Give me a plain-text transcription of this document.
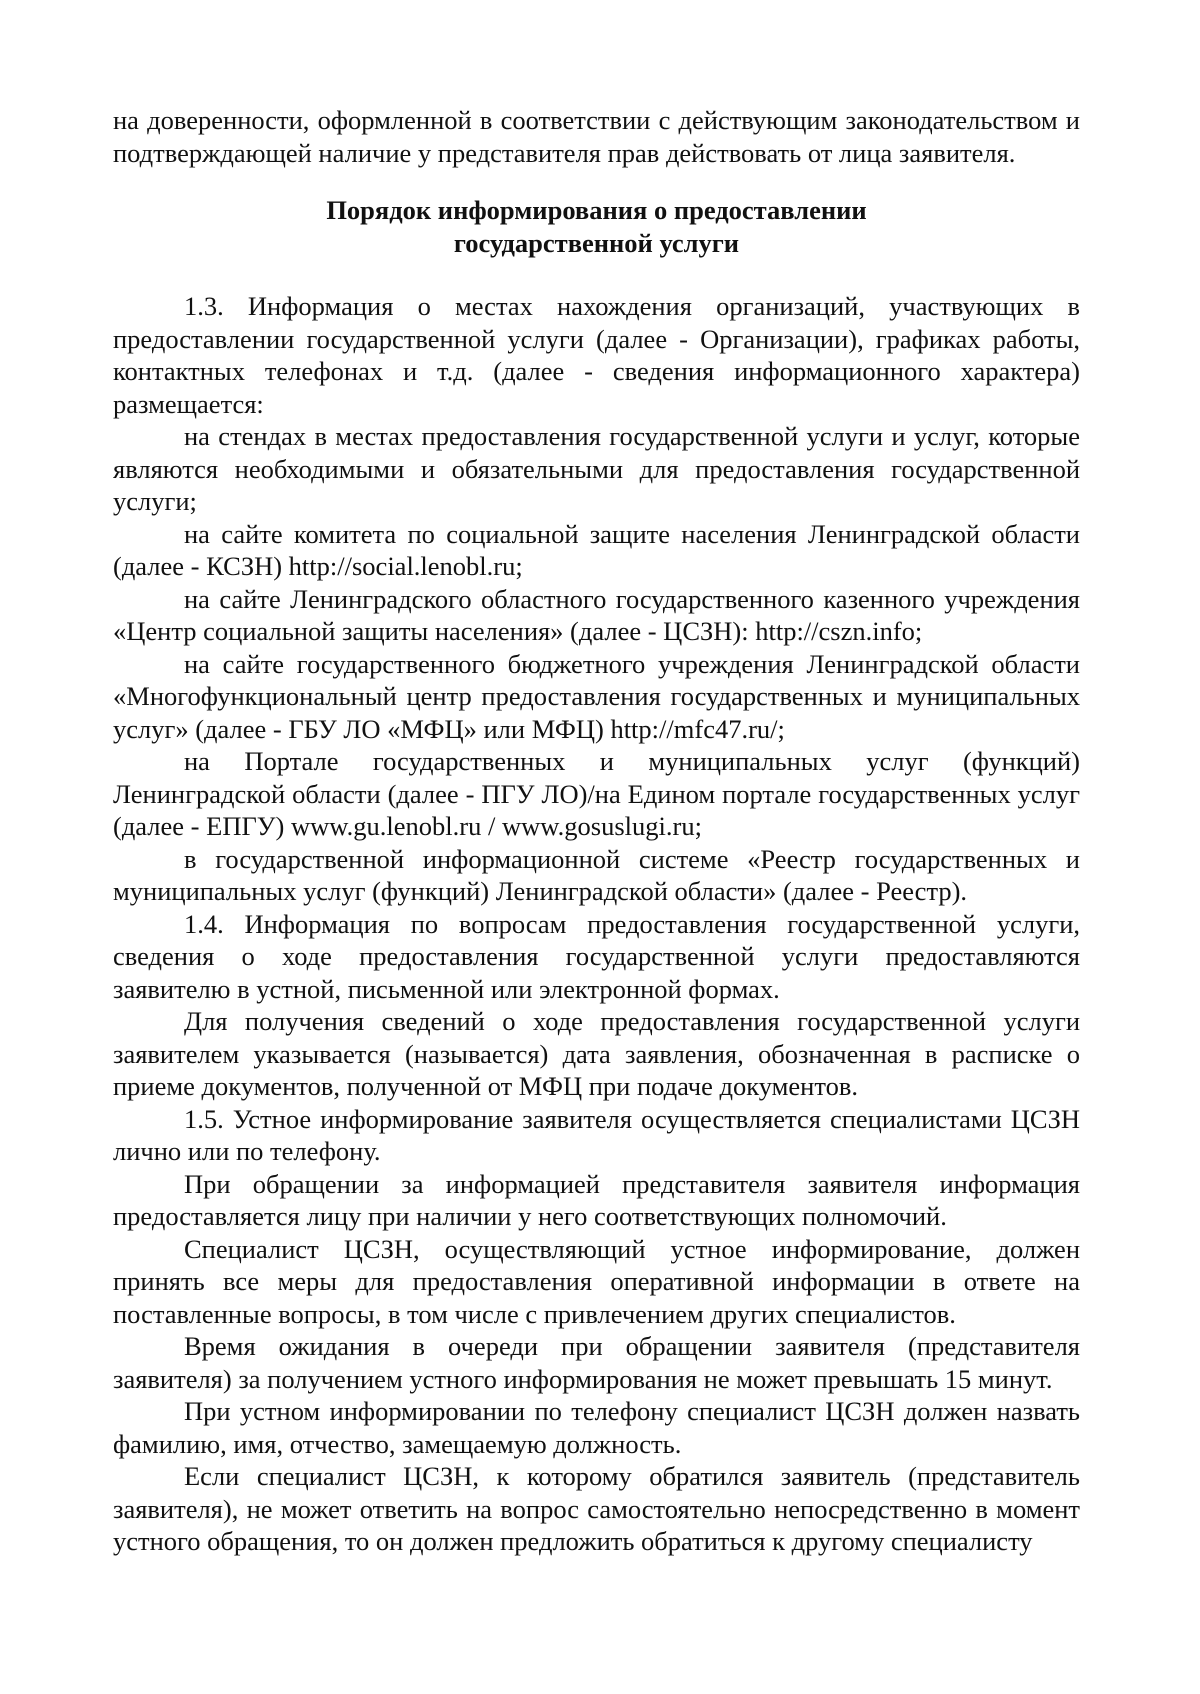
на доверенности, оформленной в соответствии с действующим законодательством и подтверждающей наличие у представителя прав действовать от лица заявителя.

Порядок информирования о предоставлении
государственной услуги

1.3. Информация о местах нахождения организаций, участвующих в предоставлении государственной услуги (далее - Организации), графиках работы, контактных телефонах и т.д. (далее - сведения информационного характера) размещается:

на стендах в местах предоставления государственной услуги и услуг, которые являются необходимыми и обязательными для предоставления государственной услуги;

на сайте комитета по социальной защите населения Ленинградской области (далее - КСЗН) http://social.lenobl.ru;

на сайте Ленинградского областного государственного казенного учреждения «Центр социальной защиты населения» (далее - ЦСЗН): http://cszn.info;

на сайте государственного бюджетного учреждения Ленинградской области «Многофункциональный центр предоставления государственных и муниципальных услуг» (далее - ГБУ ЛО «МФЦ» или МФЦ) http://mfc47.ru/;

на Портале государственных и муниципальных услуг (функций) Ленинградской области (далее - ПГУ ЛО)/на Едином портале государственных услуг (далее - ЕПГУ) www.gu.lenobl.ru / www.gosuslugi.ru;

в государственной информационной системе «Реестр государственных и муниципальных услуг (функций) Ленинградской области» (далее - Реестр).

1.4. Информация по вопросам предоставления государственной услуги, сведения о ходе предоставления государственной услуги предоставляются заявителю в устной, письменной или электронной формах.

Для получения сведений о ходе предоставления государственной услуги заявителем указывается (называется) дата заявления, обозначенная в расписке о приеме документов, полученной от МФЦ при подаче документов.

1.5. Устное информирование заявителя осуществляется специалистами ЦСЗН лично или по телефону.

При обращении за информацией представителя заявителя информация предоставляется лицу при наличии у него соответствующих полномочий.

Специалист ЦСЗН, осуществляющий устное информирование, должен принять все меры для предоставления оперативной информации в ответе на поставленные вопросы, в том числе с привлечением других специалистов.

Время ожидания в очереди при обращении заявителя (представителя заявителя) за получением устного информирования не может превышать 15 минут.

При устном информировании по телефону специалист ЦСЗН должен назвать фамилию, имя, отчество, замещаемую должность.

Если специалист ЦСЗН, к которому обратился заявитель (представитель заявителя), не может ответить на вопрос самостоятельно непосредственно в момент устного обращения, то он должен предложить обратиться к другому специалисту
